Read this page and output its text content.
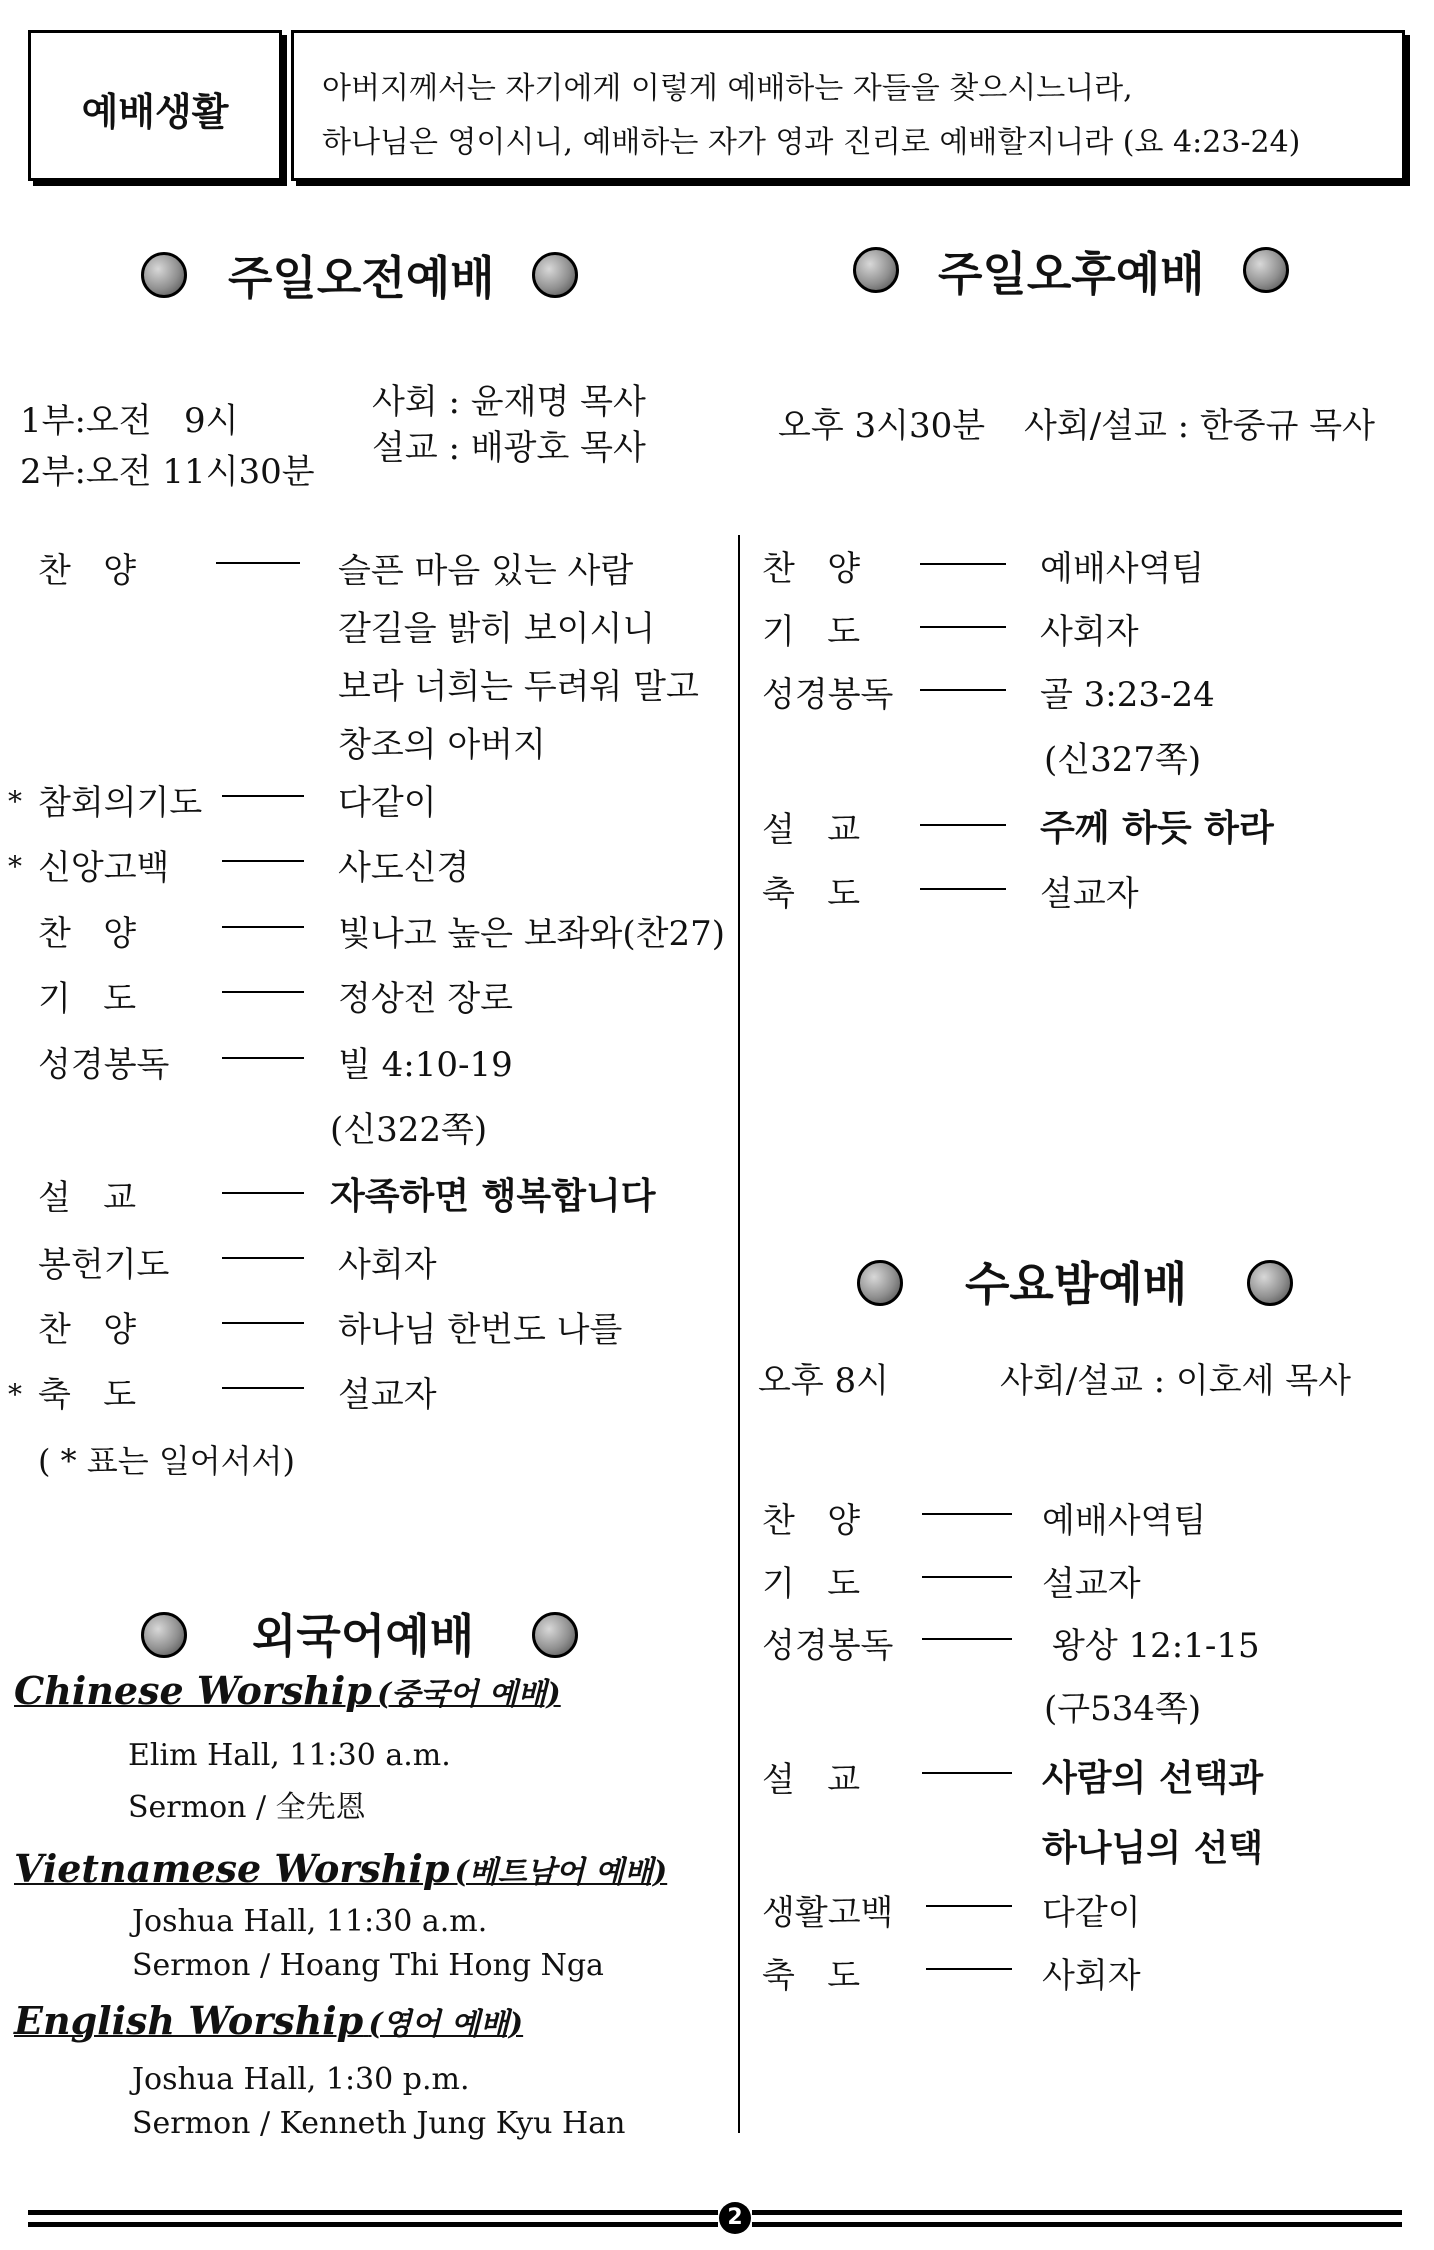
예배생활
아버지께서는 자기에게 이렇게 예배하는 자들을 찾으시느니라,
하나님은 영이시니, 예배하는 자가 영과 진리로 예배할지니라 (요 4:23-24)
주일오전예배	주일오후예배
1부:오전   9시
2부:오전 11시30분
사회 : 윤재명 목사
설교 : 배광호 목사
오후 3시30분 사회/설교 : 한중규 목사
찬   양	슬픈 마음 있는 사람
갈길을 밝히 보이시니
보라 너희는 두려워 말고
창조의 아버지
* 참회의기도	다같이
* 신앙고백	사도신경
찬   양	빛나고 높은 보좌와(찬27)
기   도	정상전 장로
성경봉독	빌 4:10-19
(신322쪽)
설   교	자족하면 행복합니다
봉헌기도	사회자
찬   양	하나님 한번도 나를
* 축   도	설교자
( * 표는 일어서서)
찬   양	예배사역팀
기   도	사회자
성경봉독	골 3:23-24
(신327쪽)
설   교	주께 하듯 하라
축   도	설교자
수요밤예배
오후 8시	사회/설교 : 이호세 목사
찬   양	예배사역팀
기   도	설교자
성경봉독	왕상 12:1-15
(구534쪽)
설   교	사람의 선택과
하나님의 선택
생활고백	다같이
축   도	사회자
외국어예배
Chinese Worship (중국어 예배)
Elim Hall, 11:30 a.m.
Sermon / 全先恩
Vietnamese Worship (베트남어 예배)
Joshua Hall, 11:30 a.m.
Sermon / Hoang Thi Hong Nga
English Worship (영어 예배)
Joshua Hall, 1:30 p.m.
Sermon / Kenneth Jung Kyu Han
2
